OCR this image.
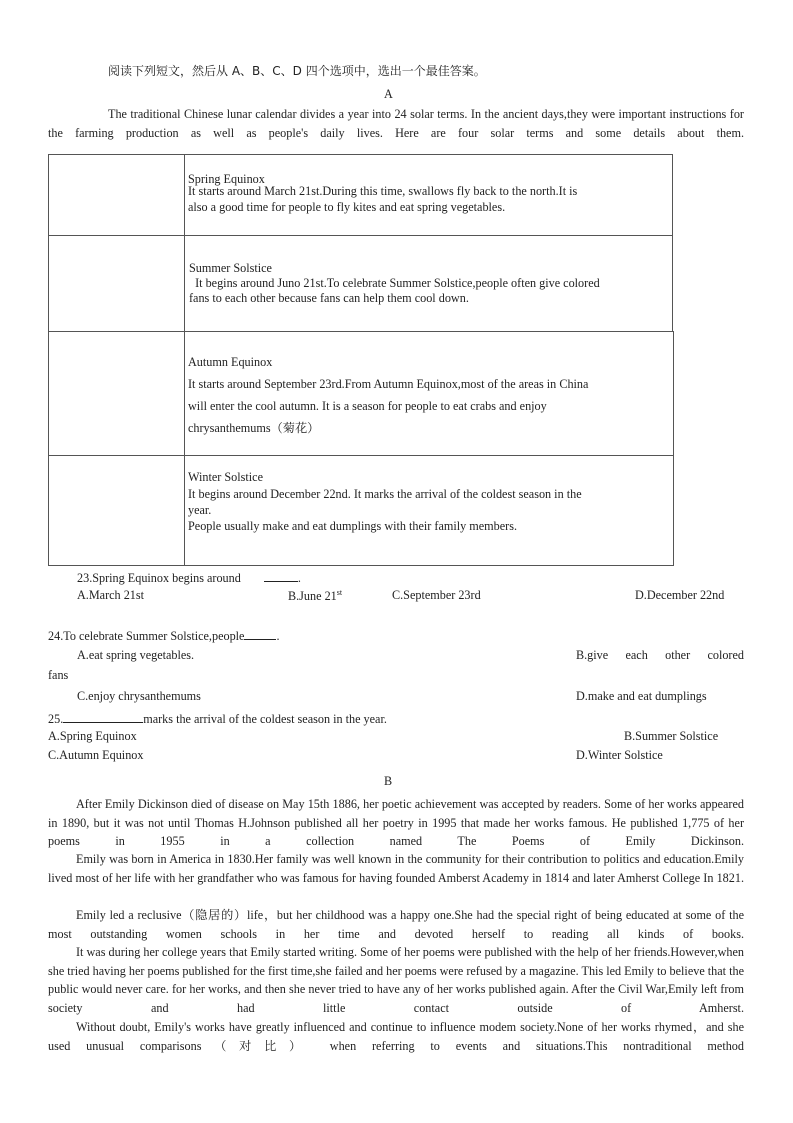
阅读下列短文，然后从 A、B、C、D 四个选项中，选出一个最佳答案。
A
The traditional Chinese lunar calendar divides a year into 24 solar terms. In the ancient days,they were important instructions for the farming production as well as people's daily lives. Here are four solar terms and some details about them.
Spring Equinox
It starts around March 21st.During this time, swallows fly back to the north.It is
also a good time for people to fly kites and eat spring vegetables.
Summer Solstice
It begins around Juno 21st.To celebrate Summer Solstice,people often give colored
fans to each other because fans can help them cool down.
Autumn Equinox
It starts around September 23rd.From Autumn Equinox,most of the areas in China
will enter the cool autumn. It is a season for people to eat crabs and enjoy
chrysanthemums（菊花）
Winter Solstice
It begins around December 22nd. It marks the arrival of the coldest season in the
year.
People usually make and eat dumplings with their family members.
23.Spring Equinox begins around	.
A.March 21st	B.June 21st	C.September 23rd	D.December 22nd
24.To celebrate Summer Solstice,people	.
A.eat spring vegetables.	B.give each other colored
fans
C.enjoy chrysanthemums	D.make and eat dumplings
25.	marks the arrival of the coldest season in the year.
A.Spring Equinox	B.Summer Solstice
C.Autumn Equinox	D.Winter Solstice
B
After Emily Dickinson died of disease on May 15th 1886, her poetic achievement was accepted by readers. Some of her works appeared in 1890, but it was not until Thomas H.Johnson published all her poetry in 1995 that made her works famous. He published 1,775 of her poems in 1955 in a collection named The Poems of Emily Dickinson.
Emily was born in America in 1830.Her family was well known in the community for their contribution to politics and education.Emily lived most of her life with her grandfather who was famous for having founded Amberst Academy in 1814 and later Amherst College In 1821.
Emily led a reclusive（隐居的）life，but her childhood was a happy one.She had the special right of being educated at some of the most outstanding women schools in her time and devoted herself to reading all kinds of books.
It was during her college years that Emily started writing. Some of her poems were published with the help of her friends.However,when she tried having her poems published for the first time,she failed and her poems were refused by a magazine. This led Emily to believe that the public would never care. for her works, and then she never tried to have any of her works published again. After the Civil War,Emily left from society and had little contact outside of Amherst.
Without doubt, Emily's works have greatly influenced and continue to influence modem society.None of her works rhymed，and she used unusual comparisons（对比） when referring to events and situations.This nontraditional method
